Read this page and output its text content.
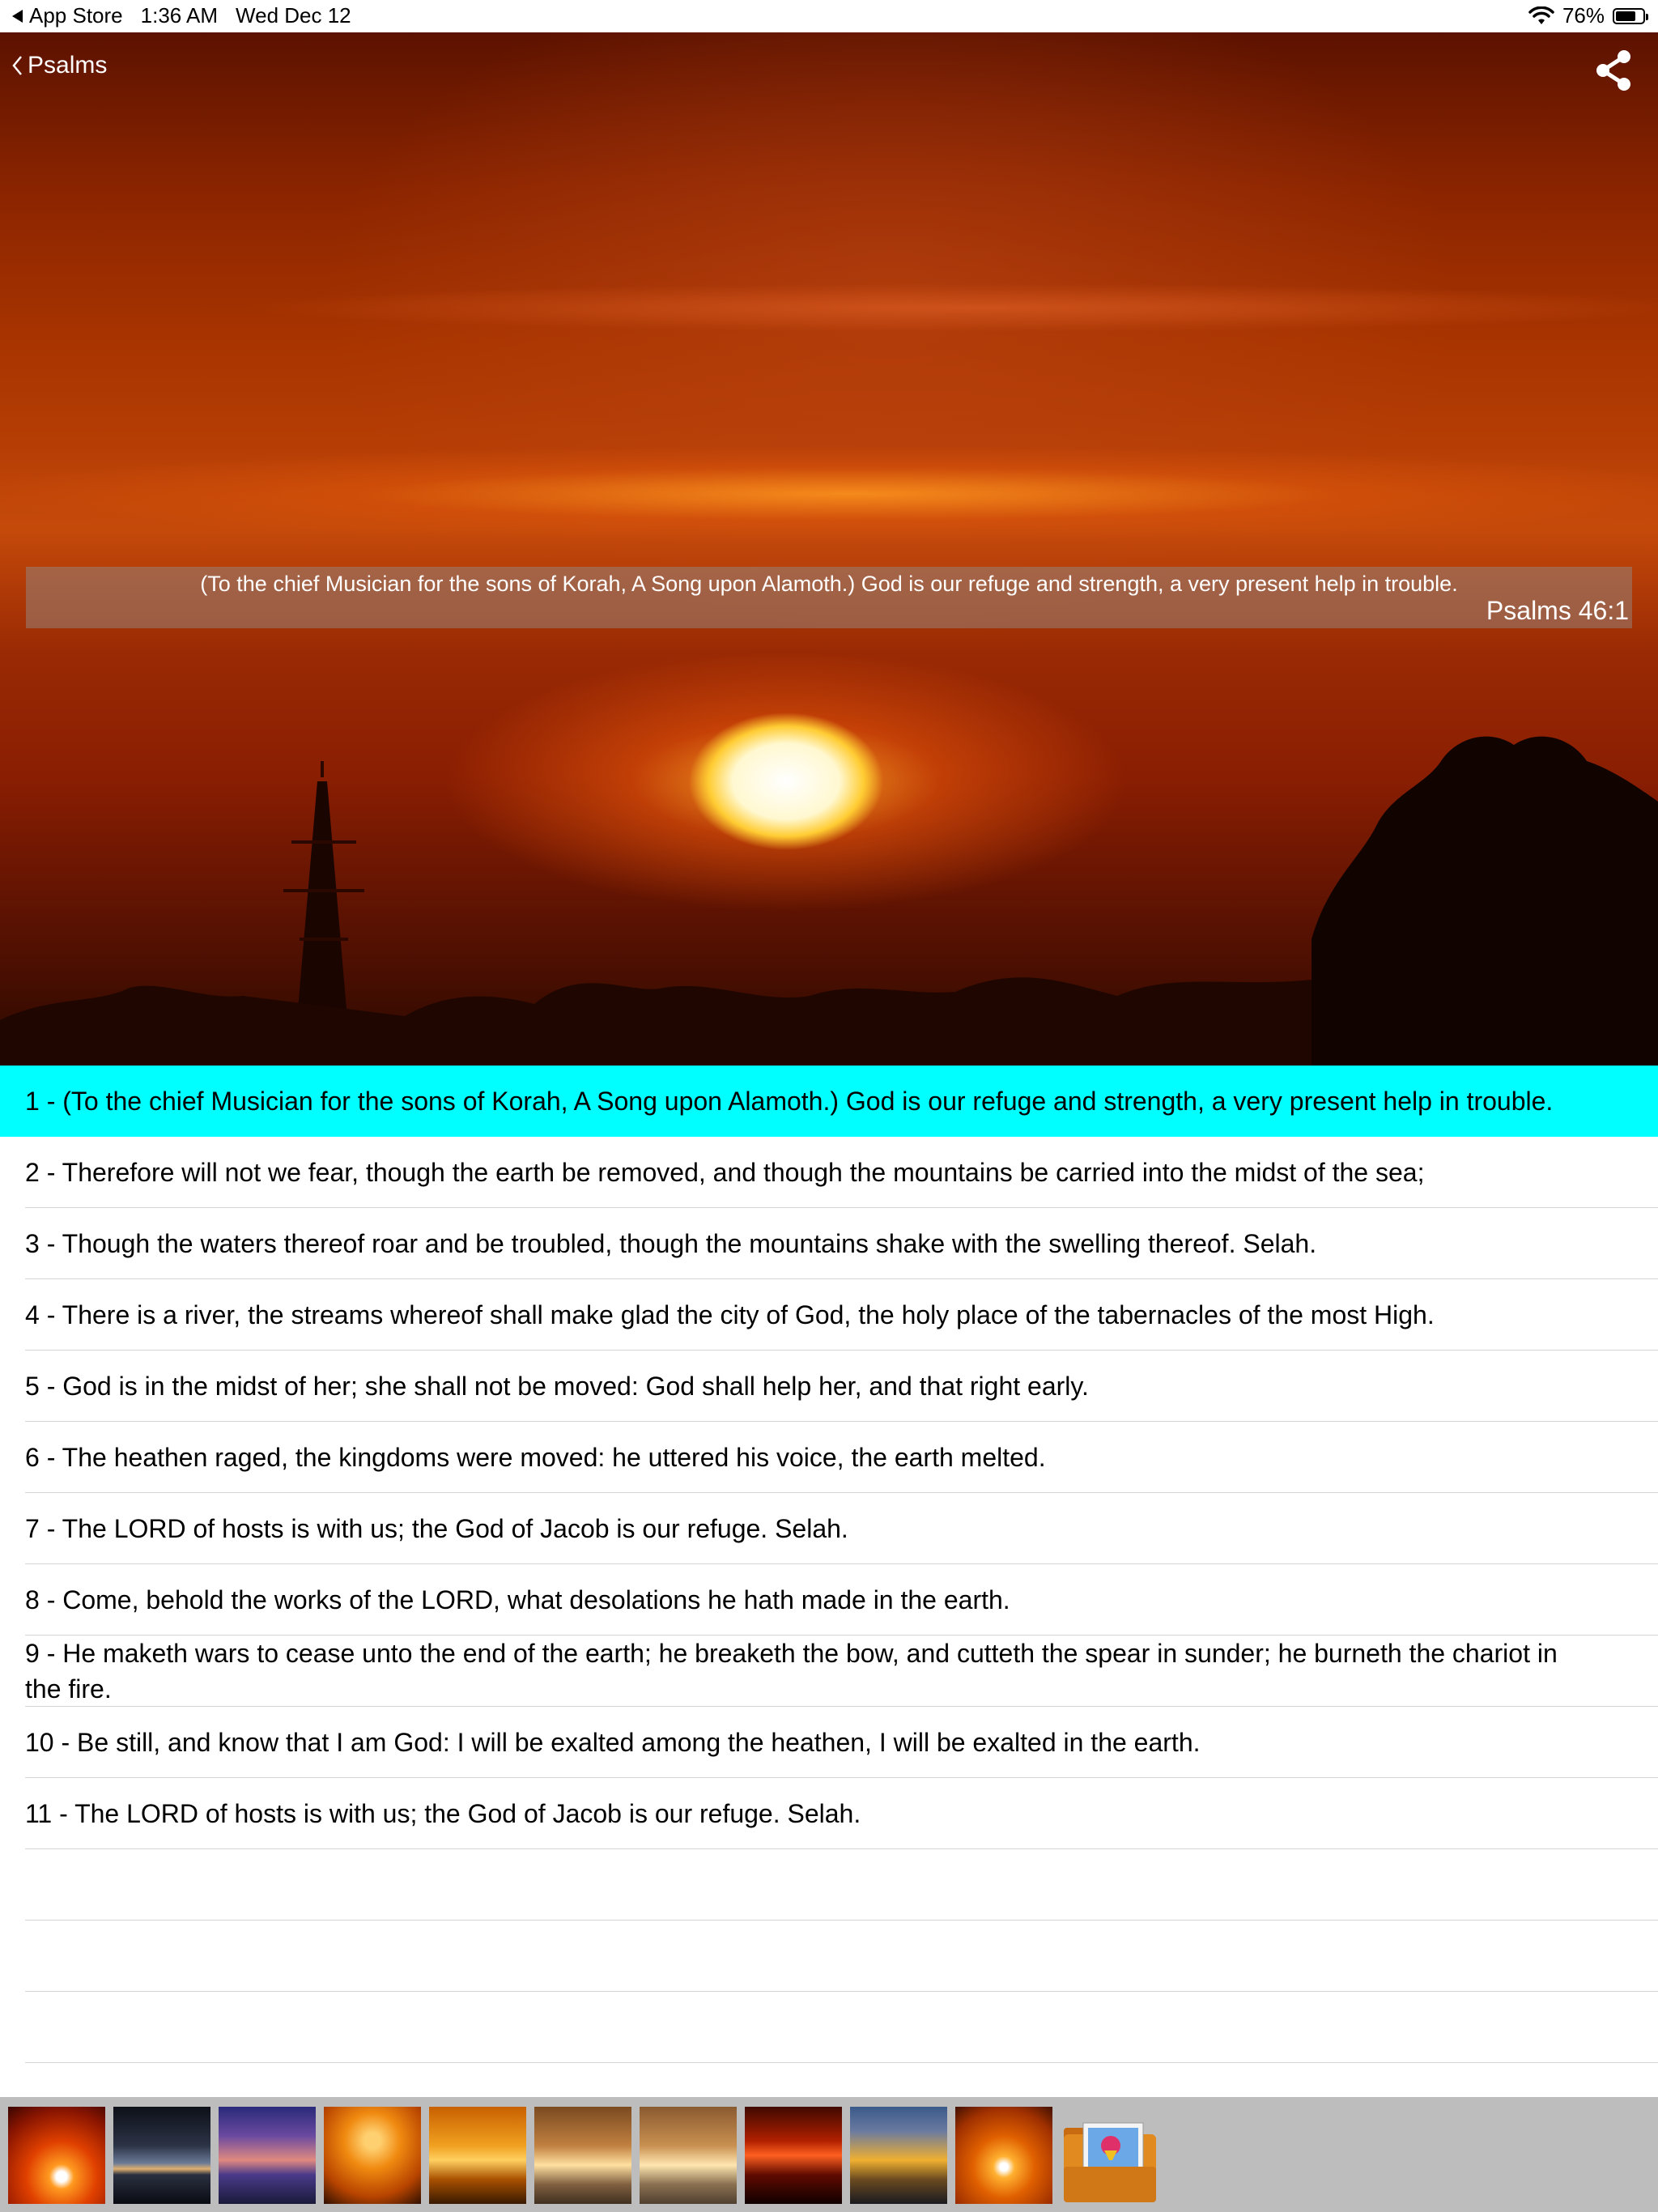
App Store 1:36 AM Wed Dec 12	76%
Psalms
(To the chief Musician for the sons of Korah, A Song upon Alamoth.) God is our refuge and strength, a very present help in trouble.
Psalms 46:1
1 - (To the chief Musician for the sons of Korah, A Song upon Alamoth.) God is our refuge and strength, a very present help in trouble.
2 - Therefore will not we fear, though the earth be removed, and though the mountains be carried into the midst of the sea;
3 - Though the waters thereof roar and be troubled, though the mountains shake with the swelling thereof. Selah.
4 - There is a river, the streams whereof shall make glad the city of God, the holy place of the tabernacles of the most High.
5 - God is in the midst of her; she shall not be moved: God shall help her, and that right early.
6 - The heathen raged, the kingdoms were moved: he uttered his voice, the earth melted.
7 - The LORD of hosts is with us; the God of Jacob is our refuge. Selah.
8 - Come, behold the works of the LORD, what desolations he hath made in the earth.
9 - He maketh wars to cease unto the end of the earth; he breaketh the bow, and cutteth the spear in sunder; he burneth the chariot in the fire.
10 - Be still, and know that I am God: I will be exalted among the heathen, I will be exalted in the earth.
11 - The LORD of hosts is with us; the God of Jacob is our refuge. Selah.
